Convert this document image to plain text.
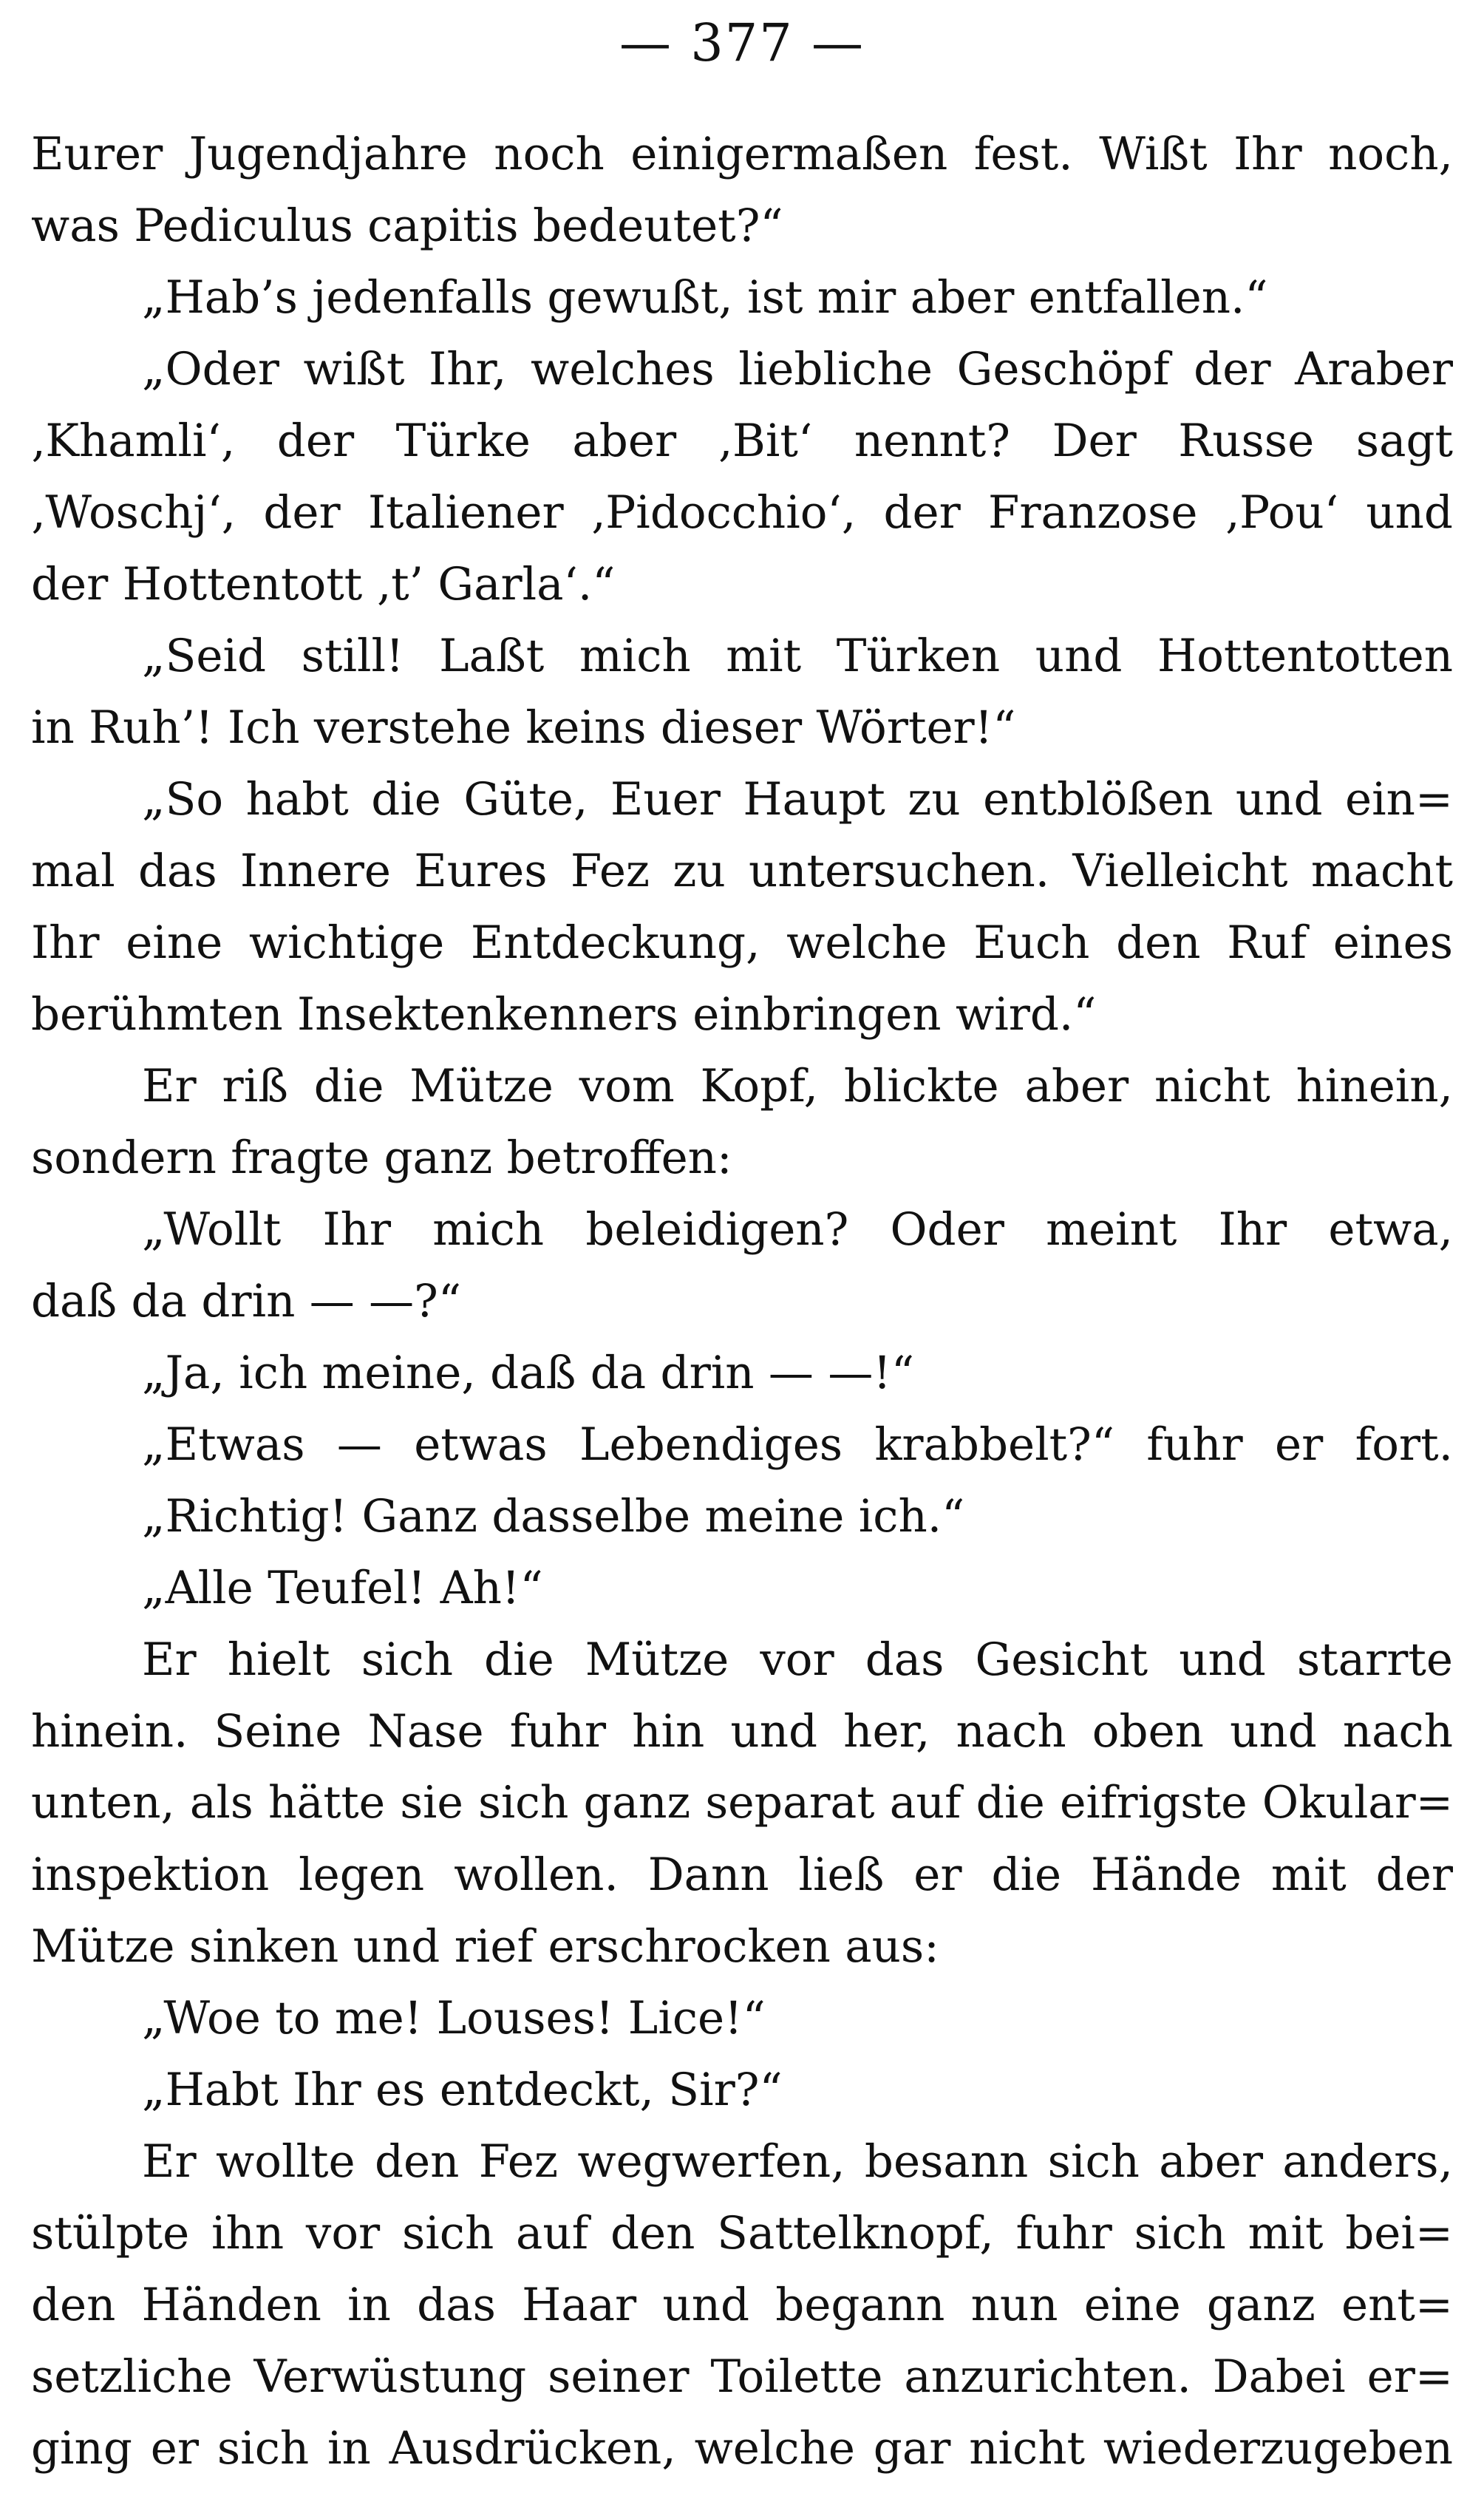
— 377 —
Eurer Jugendjahre noch einigermaßen fest. Wißt Ihr noch,
was Pediculus capitis bedeutet?“
„Hab’s jedenfalls gewußt, ist mir aber entfallen.“
„Oder wißt Ihr, welches liebliche Geschöpf der Araber
‚Khamli‘, der Türke aber ‚Bit‘ nennt? Der Russe sagt
‚Woschj‘, der Italiener ‚Pidocchio‘, der Franzose ‚Pou‘ und
der Hottentott ‚t’ Garla‘.“
„Seid still! Laßt mich mit Türken und Hottentotten
in Ruh’! Ich verstehe keins dieser Wörter!“
„So habt die Güte, Euer Haupt zu entblößen und ein=
mal das Innere Eures Fez zu untersuchen. Vielleicht macht
Ihr eine wichtige Entdeckung, welche Euch den Ruf eines
berühmten Insektenkenners einbringen wird.“
Er riß die Mütze vom Kopf, blickte aber nicht hinein,
sondern fragte ganz betroffen:
„Wollt Ihr mich beleidigen? Oder meint Ihr etwa,
daß da drin — —?“
„Ja, ich meine, daß da drin — —!“
„Etwas — etwas Lebendiges krabbelt?“ fuhr er fort.
„Richtig! Ganz dasselbe meine ich.“
„Alle Teufel! Ah!“
Er hielt sich die Mütze vor das Gesicht und starrte
hinein. Seine Nase fuhr hin und her, nach oben und nach
unten, als hätte sie sich ganz separat auf die eifrigste Okular=
inspektion legen wollen. Dann ließ er die Hände mit der
Mütze sinken und rief erschrocken aus:
„Woe to me! Louses! Lice!“
„Habt Ihr es entdeckt, Sir?“
Er wollte den Fez wegwerfen, besann sich aber anders,
stülpte ihn vor sich auf den Sattelknopf, fuhr sich mit bei=
den Händen in das Haar und begann nun eine ganz ent=
setzliche Verwüstung seiner Toilette anzurichten. Dabei er=
ging er sich in Ausdrücken, welche gar nicht wiederzugeben
